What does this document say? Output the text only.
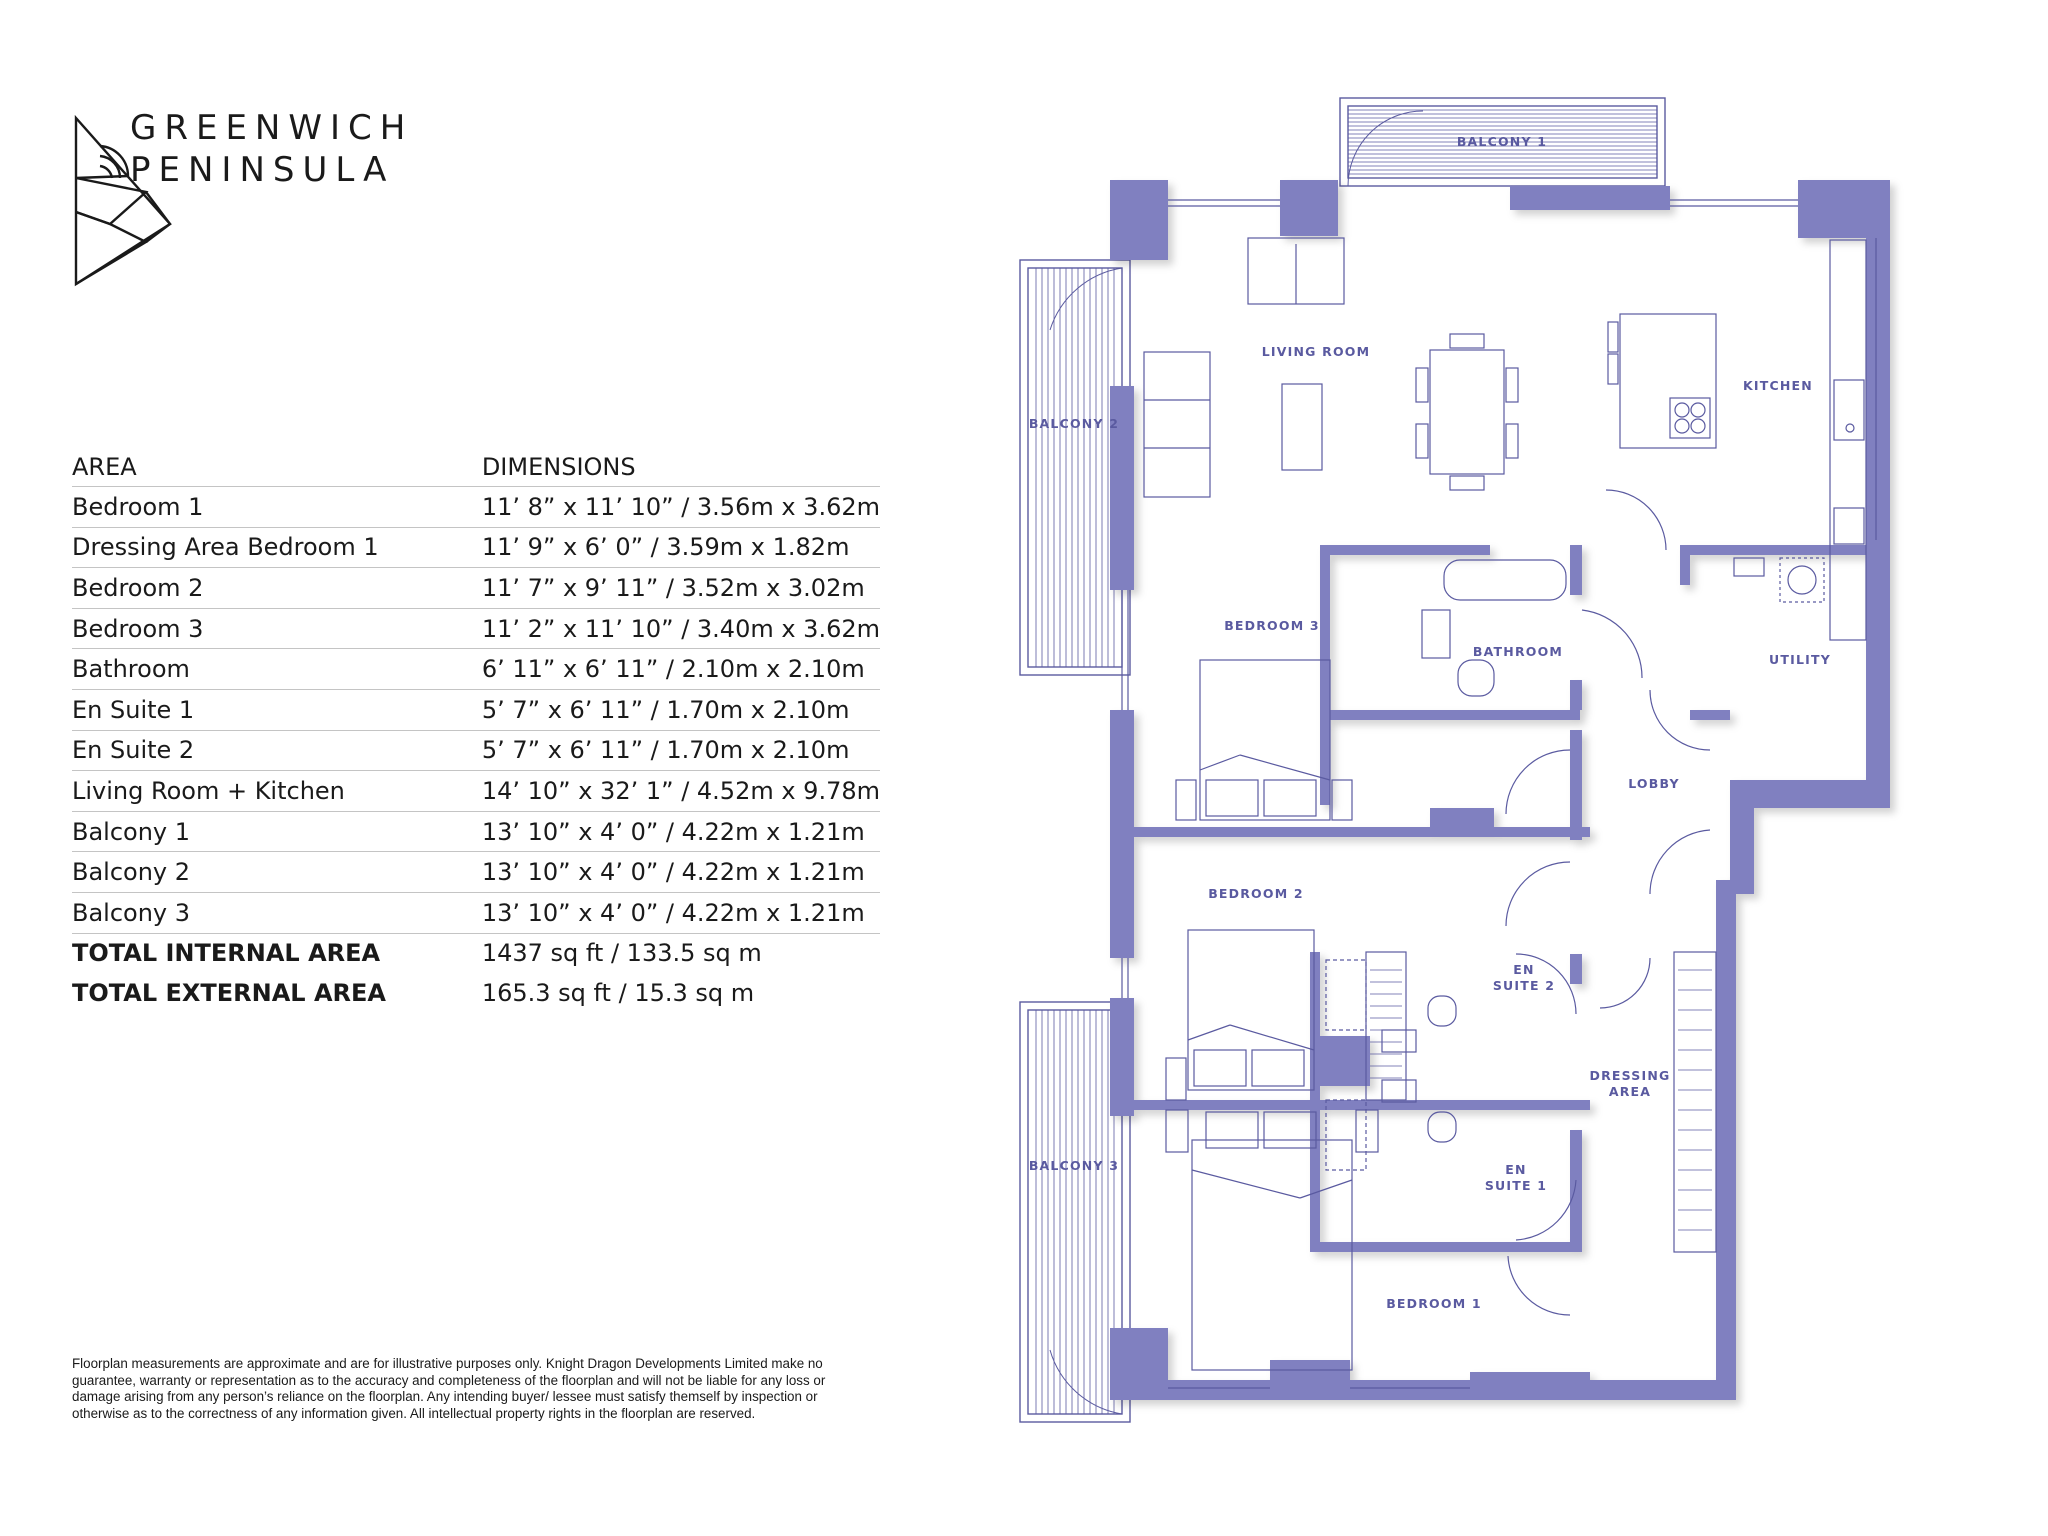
GREENWICH
PENINSULA
AREA	DIMENSIONS
Bedroom 1	11’ 8” x 11’ 10” / 3.56m x 3.62m
Dressing Area Bedroom 1	11’ 9” x 6’ 0” / 3.59m x 1.82m
Bedroom 2	11’ 7” x 9’ 11” / 3.52m x 3.02m
Bedroom 3	11’ 2” x 11’ 10” / 3.40m x 3.62m
Bathroom	6’ 11” x 6’ 11” / 2.10m x 2.10m
En Suite 1	5’ 7” x 6’ 11” / 1.70m x 2.10m
En Suite 2	5’ 7” x 6’ 11” / 1.70m x 2.10m
Living Room + Kitchen	14’ 10” x 32’ 1” / 4.52m x 9.78m
Balcony 1	13’ 10” x 4’ 0” / 4.22m x 1.21m
Balcony 2	13’ 10” x 4’ 0” / 4.22m x 1.21m
Balcony 3	13’ 10” x 4’ 0” / 4.22m x 1.21m
TOTAL INTERNAL AREA	1437 sq ft / 133.5 sq m
TOTAL EXTERNAL AREA	165.3 sq ft / 15.3 sq m
Floorplan measurements are approximate and are for illustrative purposes only. Knight Dragon Developments Limited make no guarantee, warranty or representation as to the accuracy and completeness of the floorplan and will not be liable for any loss or damage arising from any person’s reliance on the floorplan. Any intending buyer/ lessee must satisfy themself by inspection or otherwise as to the correctness of any information given. All intellectual property rights in the floorplan are reserved.
BALCONY 1
BALCONY 2
BALCONY 3
LIVING ROOM
KITCHEN
BEDROOM 3
BATHROOM
UTILITY
LOBBY
BEDROOM 2
EN
SUITE 2
DRESSING
AREA
EN
SUITE 1
BEDROOM 1
